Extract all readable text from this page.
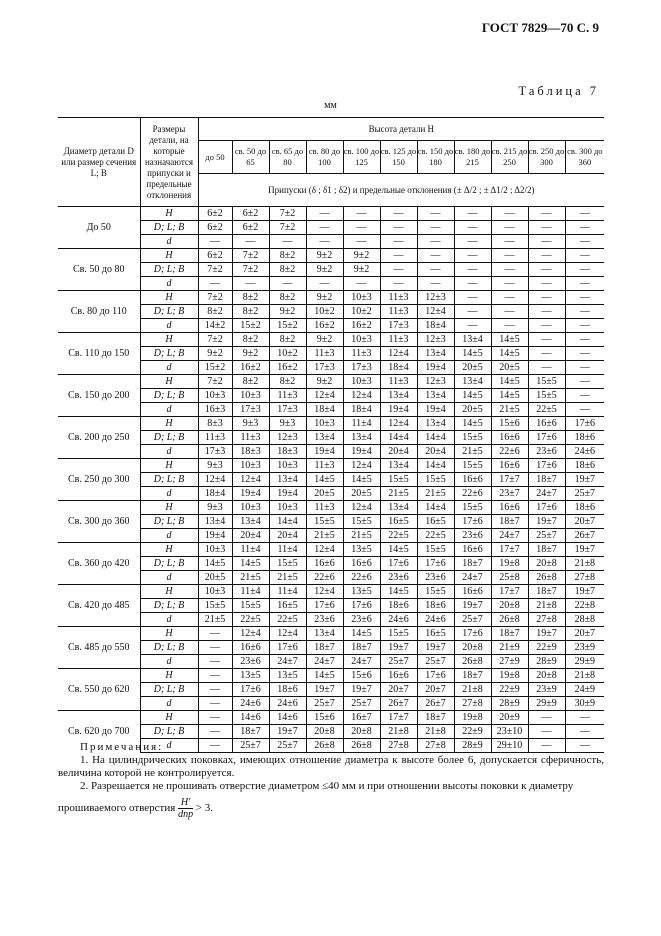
ГОСТ 7829—70 С. 9
Таблица 7
мм
Диаметр детали D или размер сечения L; B	Размеры детали, на которые назначаются припуски и предельные отклонения	Высота детали H										
		до 50	св. 50 до 65	св. 65 до 80	св. 80 до 100	св. 100 до 125	св. 125 до 150	св. 150 до 180	св. 180 до 215	св. 215 до 250	св. 250 до 300	св. 300 до 360
		Припуски (δ ; δ1 ; δ2) и предельные отклонения (± Δ/2 ; ± Δ1/2 ; Δ2/2)										
До 50	H	6±2	6±2	7±2	—	—	—	—	—	—	—	—
	D; L; B	6±2	6±2	7±2	—	—	—	—	—	—	—	—
	d	—	—	—	—	—	—	—	—	—	—	—
Св. 50 до 80	H	6±2	7±2	8±2	9±2	9±2	—	—	—	—	—	—
	D; L; B	7±2	7±2	8±2	9±2	9±2	—	—	—	—	—	—
	d	—	—	—	—	—	—	—	—	—	—	—
Св. 80 до 110	H	7±2	8±2	8±2	9±2	10±3	11±3	12±3	—	—	—	—
	D; L; B	8±2	8±2	9±2	10±2	10±2	11±3	12±4	—	—	—	—
	d	14±2	15±2	15±2	16±2	16±2	17±3	18±4	—	—	—	—
Св. 110 до 150	H	7±2	8±2	8±2	9±2	10±3	11±3	12±3	13±4	14±5	—	—
	D; L; B	9±2	9±2	10±2	11±3	11±3	12±4	13±4	14±5	14±5	—	—
	d	15±2	16±2	16±2	17±3	17±3	18±4	19±4	20±5	20±5	—	—
Св. 150 до 200	H	7±2	8±2	8±2	9±2	10±3	11±3	12±3	13±4	14±5	15±5	—
	D; L; B	10±3	10±3	11±3	12±4	12±4	13±4	13±4	14±5	14±5	15±5	—
	d	16±3	17±3	17±3	18±4	18±4	19±4	19±4	20±5	21±5	22±5	—
Св. 200 до 250	H	8±3	9±3	9±3	10±3	11±4	12±4	13±4	14±5	15±6	16±6	17±6
	D; L; B	11±3	11±3	12±3	13±4	13±4	14±4	14±4	15±5	16±6	17±6	18±6
	d	17±3	18±3	18±3	19±4	19±4	20±4	20±4	21±5	22±6	23±6	24±6
Св. 250 до 300	H	9±3	10±3	10±3	11±3	12±4	13±4	14±4	15±5	16±6	17±6	18±6
	D; L; B	12±4	12±4	13±4	14±5	14±5	15±5	15±5	16±6	17±7	18±7	19±7
	d	18±4	19±4	19±4	20±5	20±5	21±5	21±5	22±6	23±7	24±7	25±7
Св. 300 до 360	H	9±3	10±3	10±3	11±3	12±4	13±4	14±4	15±5	16±6	17±6	18±6
	D; L; B	13±4	13±4	14±4	15±5	15±5	16±5	16±5	17±6	18±7	19±7	20±7
	d	19±4	20±4	20±4	21±5	21±5	22±5	22±5	23±6	24±7	25±7	26±7
Св. 360 до 420	H	10±3	11±4	11±4	12±4	13±5	14±5	15±5	16±6	17±7	18±7	19±7
	D; L; B	14±5	14±5	15±5	16±6	16±6	17±6	17±6	18±7	19±8	20±8	21±8
	d	20±5	21±5	21±5	22±6	22±6	23±6	23±6	24±7	25±8	26±8	27±8
Св. 420 до 485	H	10±3	11±4	11±4	12±4	13±5	14±5	15±5	16±6	17±7	18±7	19±7
	D; L; B	15±5	15±5	16±5	17±6	17±6	18±6	18±6	19±7	20±8	21±8	22±8
	d	21±5	22±5	22±5	23±6	23±6	24±6	24±6	25±7	26±8	27±8	28±8
Св. 485 до 550	H	—	12±4	12±4	13±4	14±5	15±5	16±5	17±6	18±7	19±7	20±7
	D; L; B	—	16±6	17±6	18±7	18±7	19±7	19±7	20±8	21±9	22±9	23±9
	d	—	23±6	24±7	24±7	24±7	25±7	25±7	26±8	27±9	28±9	29±9
Св. 550 до 620	H	—	13±5	13±5	14±5	15±6	16±6	17±6	18±7	19±8	20±8	21±8
	D; L; B	—	17±6	18±6	19±7	19±7	20±7	20±7	21±8	22±9	23±9	24±9
	d	—	24±6	24±6	25±7	25±7	26±7	26±7	27±8	28±9	29±9	30±9
Св. 620 до 700	H	—	14±6	14±6	15±6	16±7	17±7	18±7	19±8	20±9	—	—
	D; L; B	—	18±7	19±7	20±8	20±8	21±8	21±8	22±9	23±10	—	—
	d	—	25±7	25±7	26±8	26±8	27±8	27±8	28±9	29±10	—	—
Примечания:

1. На цилиндрических поковках, имеющих отношение диаметра к высоте более 6, допускается сферичность, величина которой не контролируется.

2. Разрешается не прошивать отверстие диаметром ≤40 мм и при отношении высоты поковки к диаметру

прошиваемого отверстия $\frac{H'}{\text{dпр}} > 3$.
